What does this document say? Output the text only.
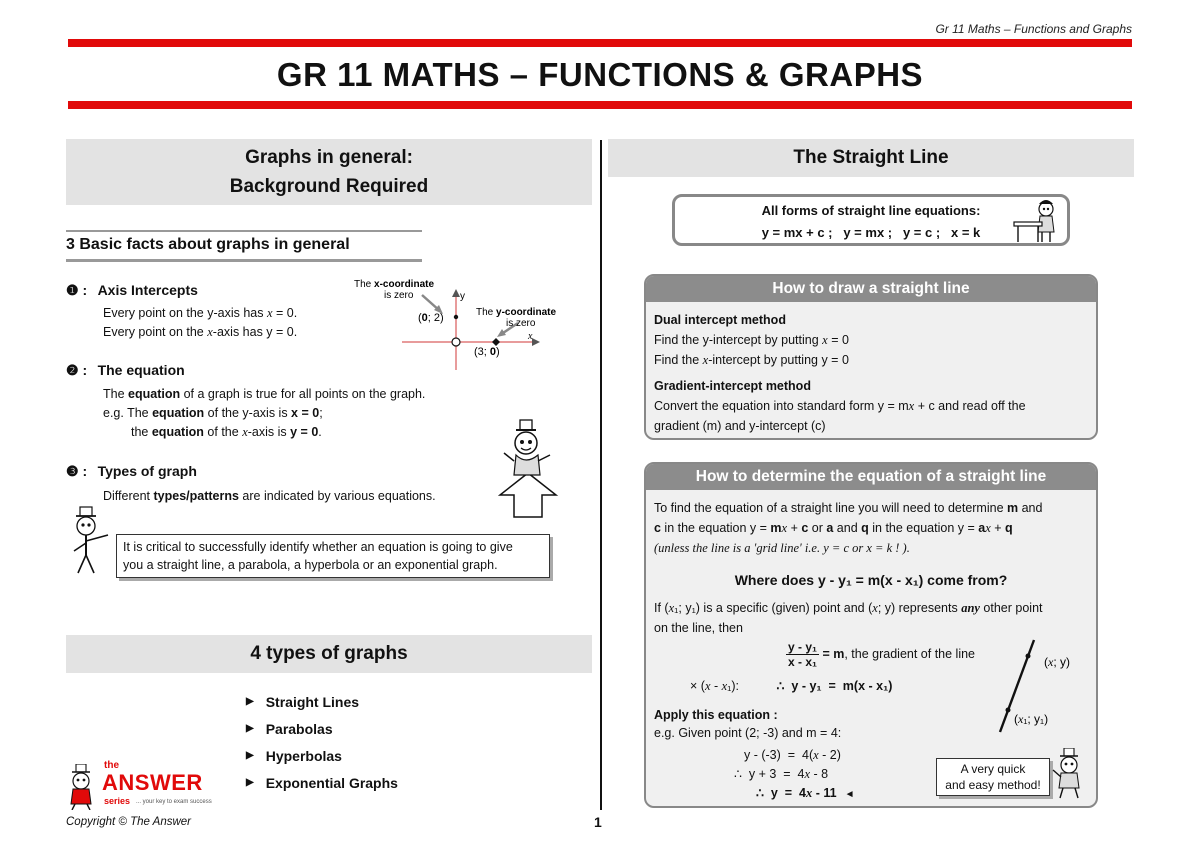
Gr 11 Maths – Functions and Graphs
GR 11 MATHS – FUNCTIONS & GRAPHS
Graphs in general:
Background Required
3 Basic facts about graphs in general
❶ : Axis Intercepts
Every point on the y-axis has x = 0.
Every point on the x-axis has y = 0.
The x-coordinate
is zero
The y-coordinate
is zero
y
x
(0; 2)
(3; 0)
❷ : The equation
The equation of a graph is true for all points on the graph.
e.g. The equation of the y-axis is x = 0;
the equation of the x-axis is y = 0.
❸ : Types of graph
Different types/patterns are indicated by various equations.
It is critical to successfully identify whether an equation is going to give
you a straight line, a parabola, a hyperbola or an exponential graph.
4 types of graphs
▶ Straight Lines
▶ Parabolas
▶ Hyperbolas
▶ Exponential Graphs
the
ANSWER
series ... your key to exam success
Copyright © The Answer	1
The Straight Line
All forms of straight line equations:
y = mx + c ;   y = mx ;   y = c ;   x = k
How to draw a straight line
Dual intercept method
Find the y-intercept by putting x = 0
Find the x-intercept by putting y = 0
Gradient-intercept method
Convert the equation into standard form y = mx + c and read off the
gradient (m) and y-intercept (c)
How to determine the equation of a straight line
To find the equation of a straight line you will need to determine m and
c in the equation y = mx + c or a and q in the equation y = ax + q
(unless the line is a 'grid line' i.e. y = c or x = k ! ).
Where does y - y₁ = m(x - x₁) come from?
If (x₁; y₁) is a specific (given) point and (x; y) represents any other point
on the line, then
$\frac{\text{y - y₁}}{\text{x - x₁}} = m$, the gradient of the line
× (x - x₁):	∴  y - y₁  =  m(x - x₁)
(x; y)
(x₁; y₁)
Apply this equation :
e.g. Given point (2; -3) and m = 4:
y - (-3)  =  4(x - 2)
∴  y + 3  =  4x - 8
∴  y  =  4x - 11 ◄
A very quick
and easy method!
